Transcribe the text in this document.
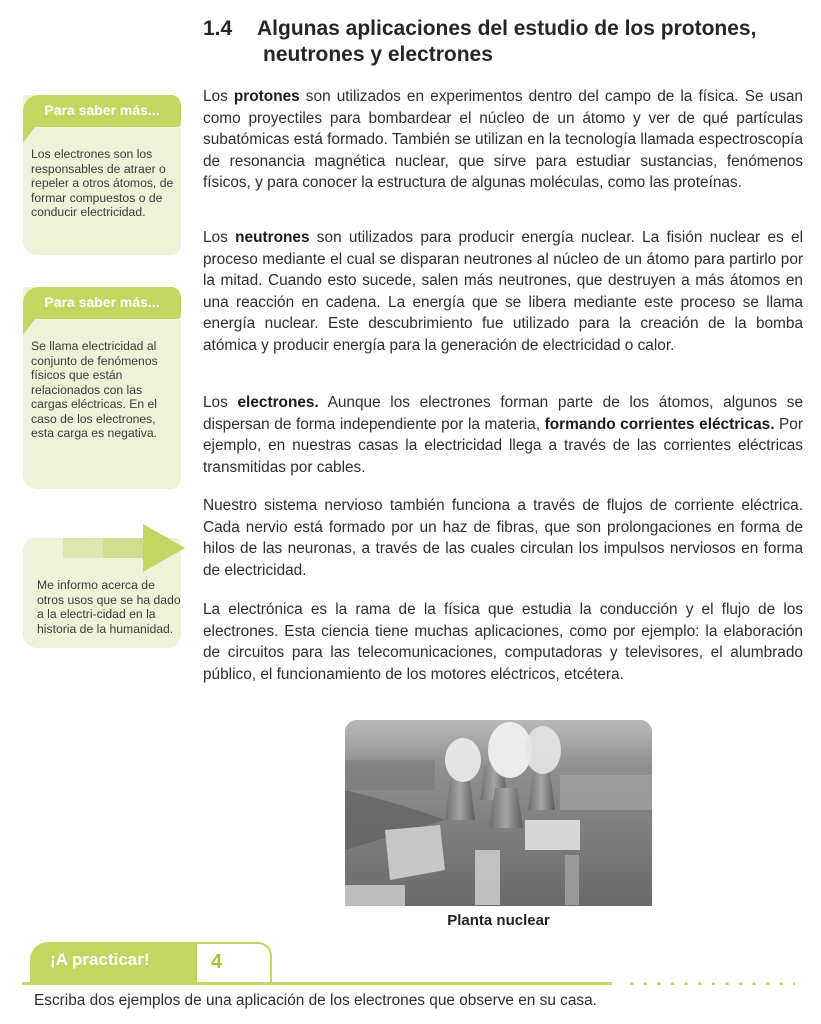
1.4 Algunas aplicaciones del estudio de los protones,
neutrones y electrones

Los protones son utilizados en experimentos dentro del campo de la física. Se usan como proyectiles para bombardear el núcleo de un átomo y ver de qué partículas subatómicas está formado. También se utilizan en la tecnología llamada espectroscopía de resonancia magnética nuclear, que sirve para estudiar sustancias, fenómenos físicos, y para conocer la estructura de algunas moléculas, como las proteínas.

Los neutrones son utilizados para producir energía nuclear. La fisión nuclear es el proceso mediante el cual se disparan neutrones al núcleo de un átomo para partirlo por la mitad. Cuando esto sucede, salen más neutrones, que destruyen a más átomos en una reacción en cadena. La energía que se libera mediante este proceso se llama energía nuclear. Este descubrimiento fue utilizado para la creación de la bomba atómica y producir energía para la generación de electricidad o calor.

Los electrones. Aunque los electrones forman parte de los átomos, algunos se dispersan de forma independiente por la materia, formando corrientes eléctricas. Por ejemplo, en nuestras casas la electricidad llega a través de las corrientes eléctricas transmitidas por cables.

Nuestro sistema nervioso también funciona a través de flujos de corriente eléctrica. Cada nervio está formado por un haz de fibras, que son prolongaciones en forma de hilos de las neuronas, a través de las cuales circulan los impulsos nerviosos en forma de electricidad.

La electrónica es la rama de la física que estudia la conducción y el flujo de los electrones. Esta ciencia tiene muchas aplicaciones, como por ejemplo: la elaboración de circuitos para las telecomunicaciones, computadoras y televisores, el alumbrado público, el funcionamiento de los motores eléctricos, etcétera.

Para saber más...
Los electrones son los responsables de atraer o repeler a otros átomos, de formar compuestos o de conducir electricidad.
Para saber más...
Se llama electricidad al conjunto de fenómenos físicos que están relacionados con las cargas eléctricas. En el caso de los electrones, esta carga es negativa.
Me informo acerca de otros usos que se ha dado a la electri-cidad en la historia de la humanidad.
Planta nuclear
¡A practicar!	4

Escriba dos ejemplos de una aplicación de los electrones que observe en su casa.
